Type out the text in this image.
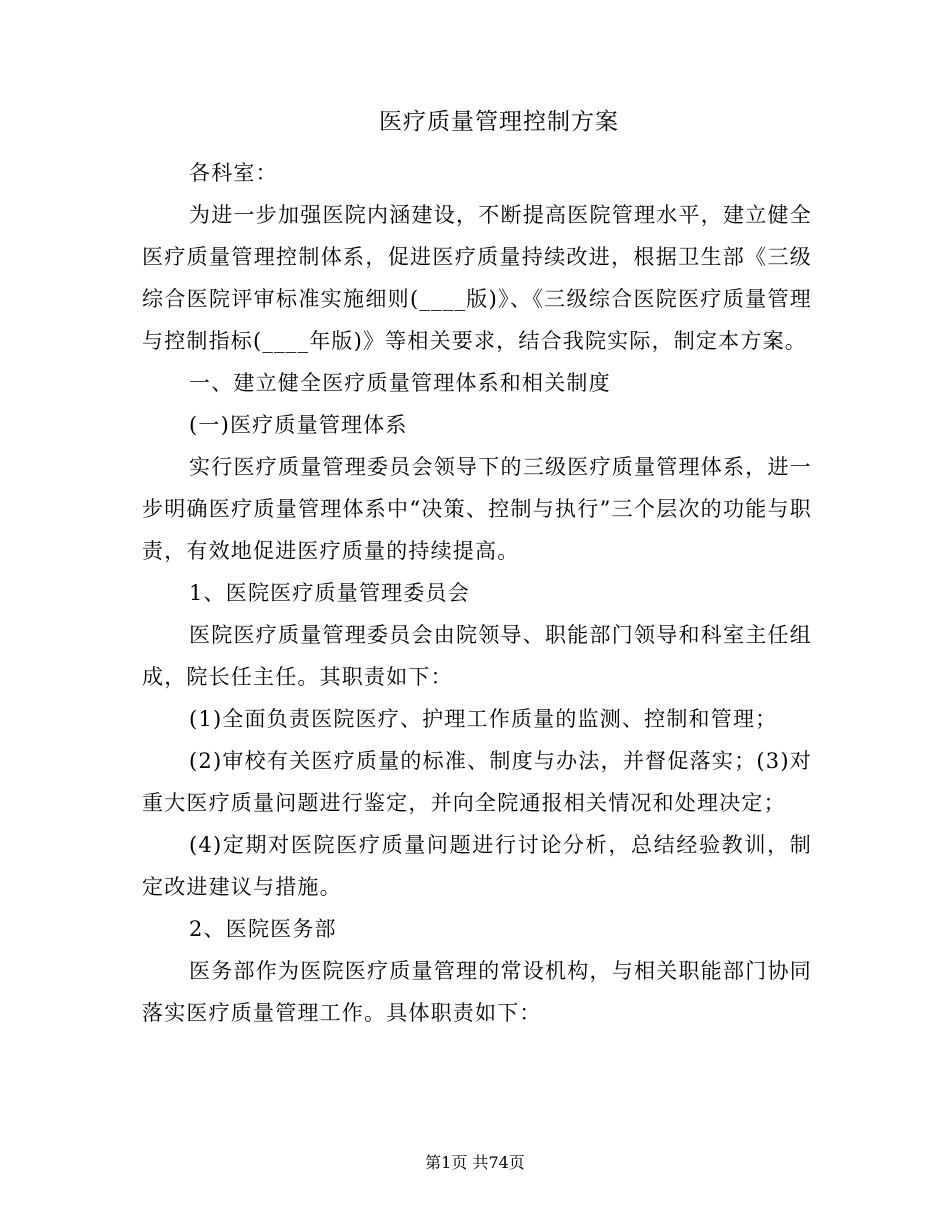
医疗质量管理控制方案

各科室：

为进一步加强医院内涵建设，不断提高医院管理水平，建立健全医疗质量管理控制体系，促进医疗质量持续改进，根据卫生部《三级综合医院评审标准实施细则(____版)》、《三级综合医院医疗质量管理与控制指标(____年版)》等相关要求，结合我院实际，制定本方案。

一、建立健全医疗质量管理体系和相关制度

(一)医疗质量管理体系

实行医疗质量管理委员会领导下的三级医疗质量管理体系，进一步明确医疗质量管理体系中“决策、控制与执行”三个层次的功能与职责，有效地促进医疗质量的持续提高。

1、医院医疗质量管理委员会

医院医疗质量管理委员会由院领导、职能部门领导和科室主任组成，院长任主任。其职责如下：

(1)全面负责医院医疗、护理工作质量的监测、控制和管理；

(2)审校有关医疗质量的标准、制度与办法，并督促落实；(3)对重大医疗质量问题进行鉴定，并向全院通报相关情况和处理决定；

(4)定期对医院医疗质量问题进行讨论分析，总结经验教训，制定改进建议与措施。

2、医院医务部

医务部作为医院医疗质量管理的常设机构，与相关职能部门协同落实医疗质量管理工作。具体职责如下：

第1页 共74页
